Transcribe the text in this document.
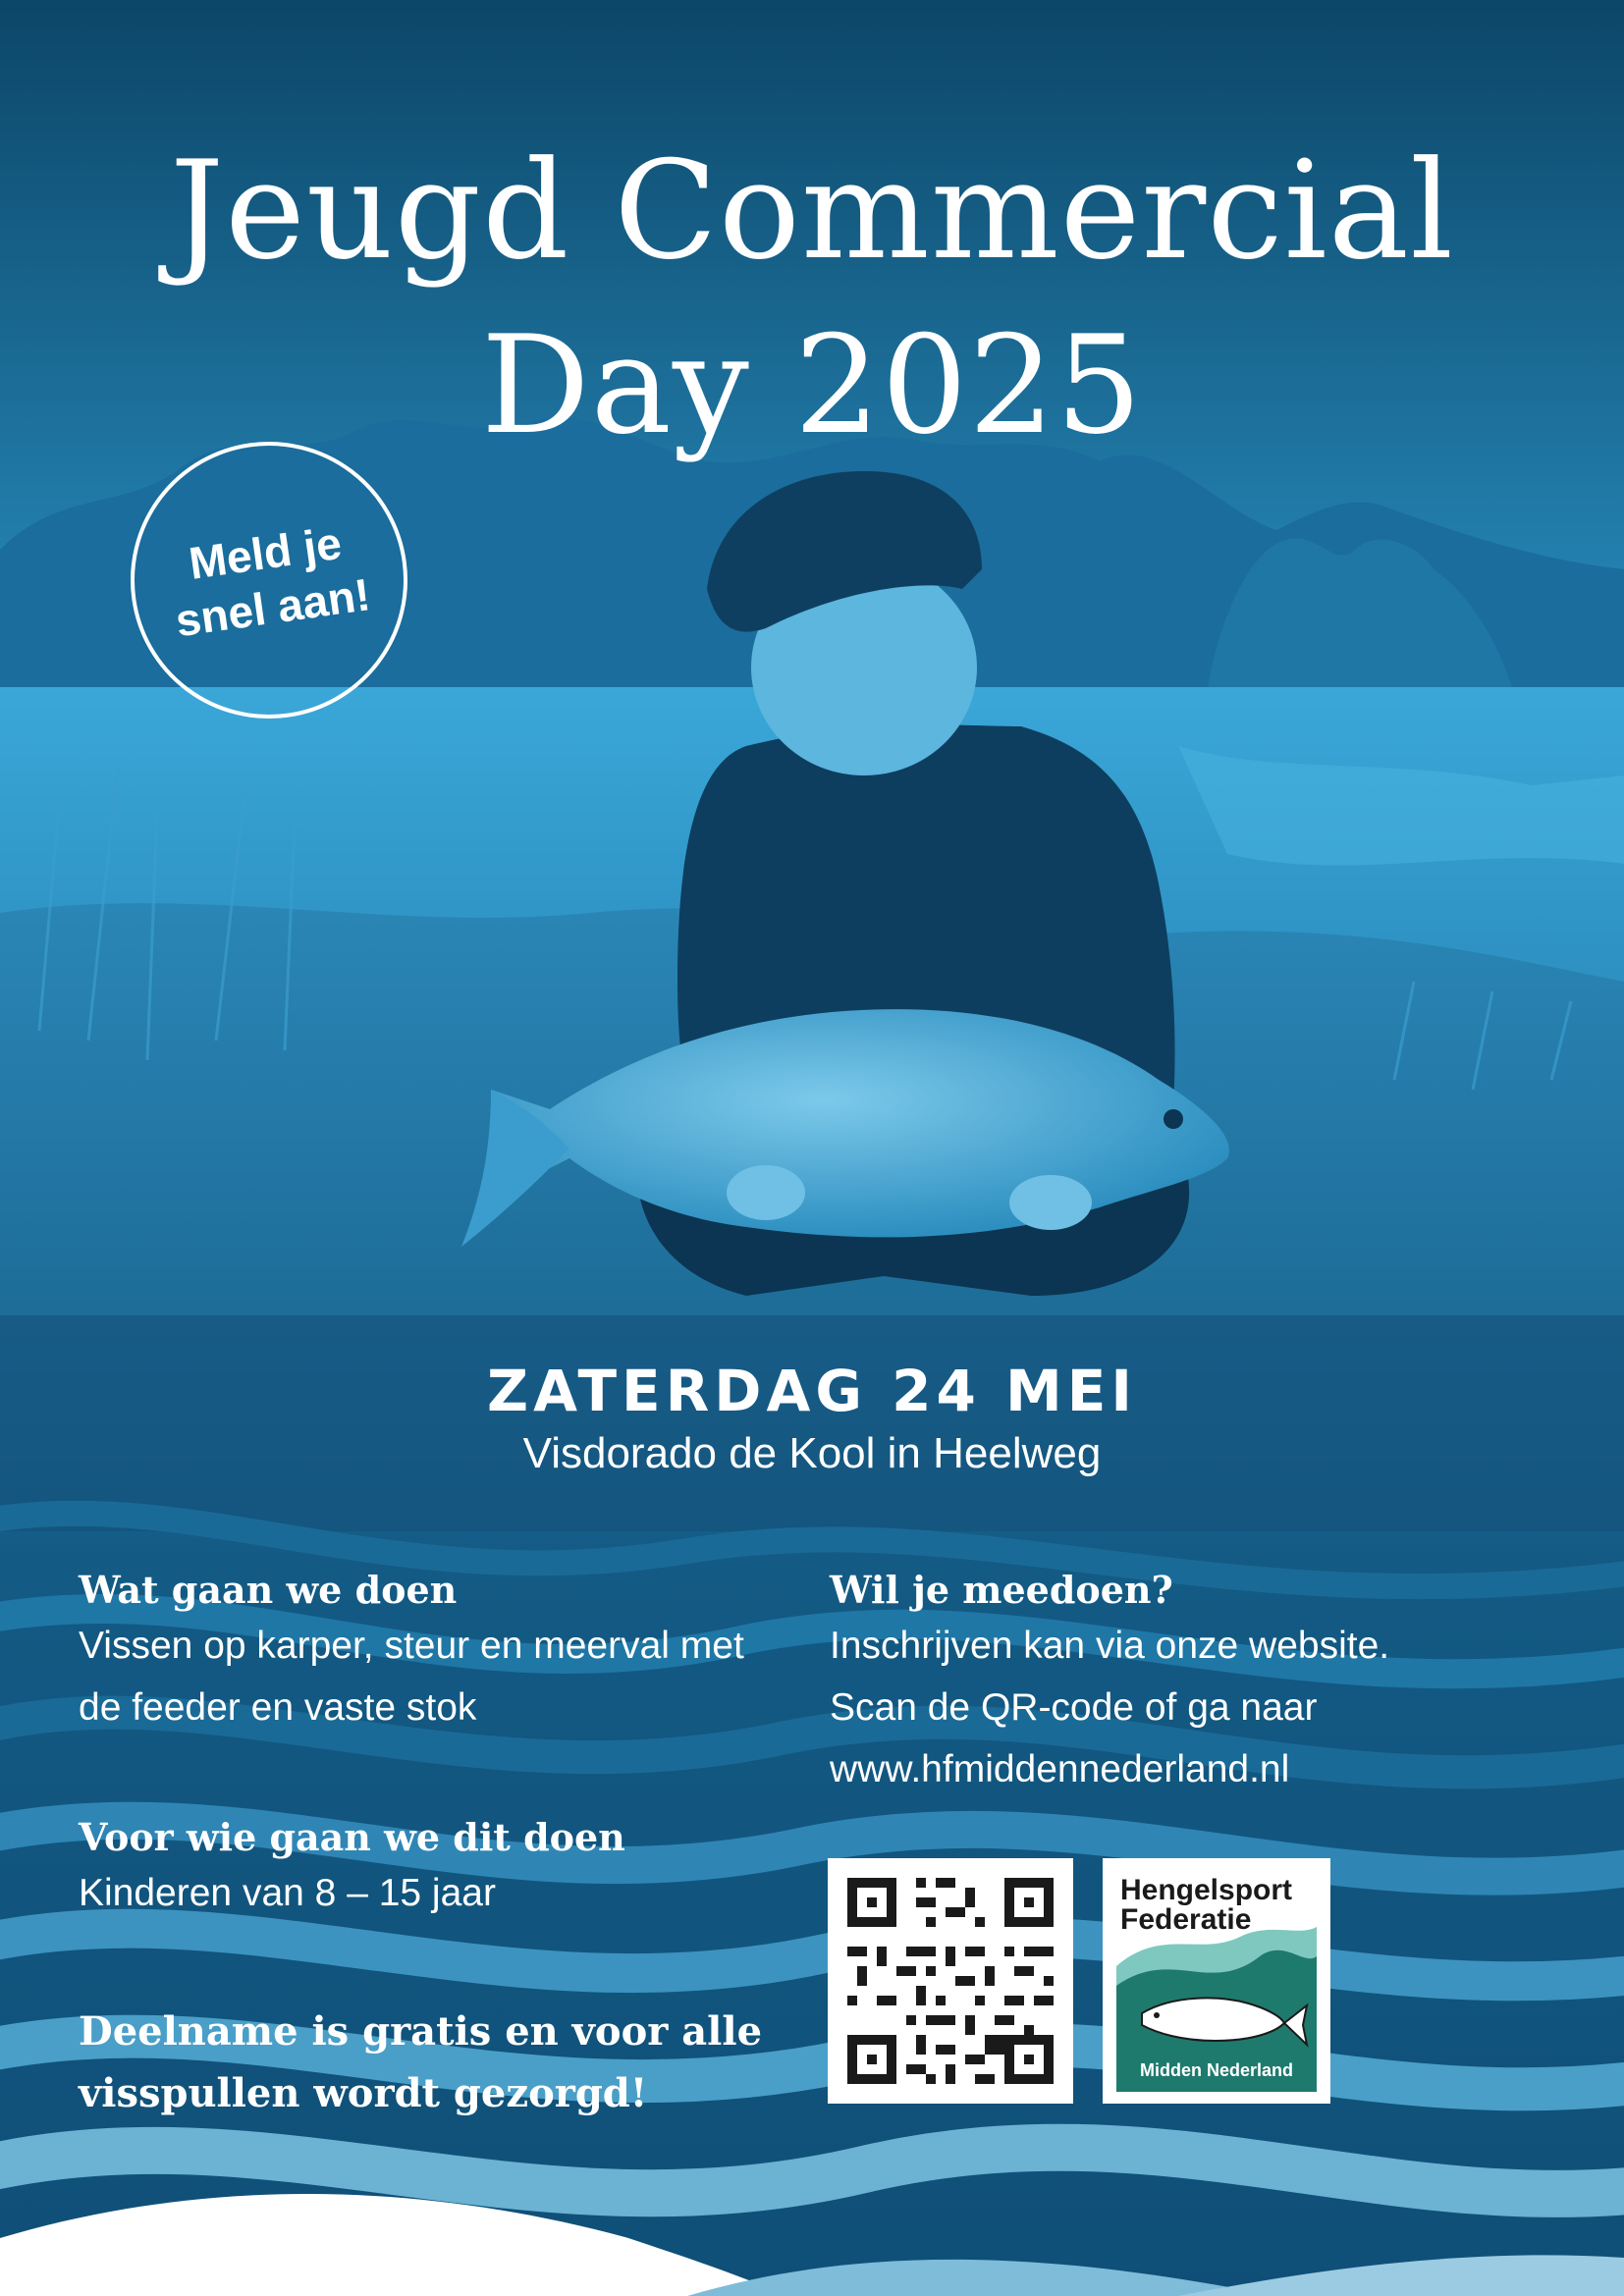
Jeugd Commercial
Day 2025
Meld je
snel aan!
ZATERDAG 24 MEI
Visdorado de Kool in Heelweg

Wat gaan we doen

Vissen op karper, steur en meerval met

de feeder en vaste stok

Voor wie gaan we dit doen

Kinderen van 8 – 15 jaar

Deelname is gratis en voor alle

visspullen wordt gezorgd!

Wil je meedoen?

Inschrijven kan via onze website.

Scan de QR-code of ga naar

www.hfmiddennederland.nl

Hengelsport
Federatie
Midden Nederland
